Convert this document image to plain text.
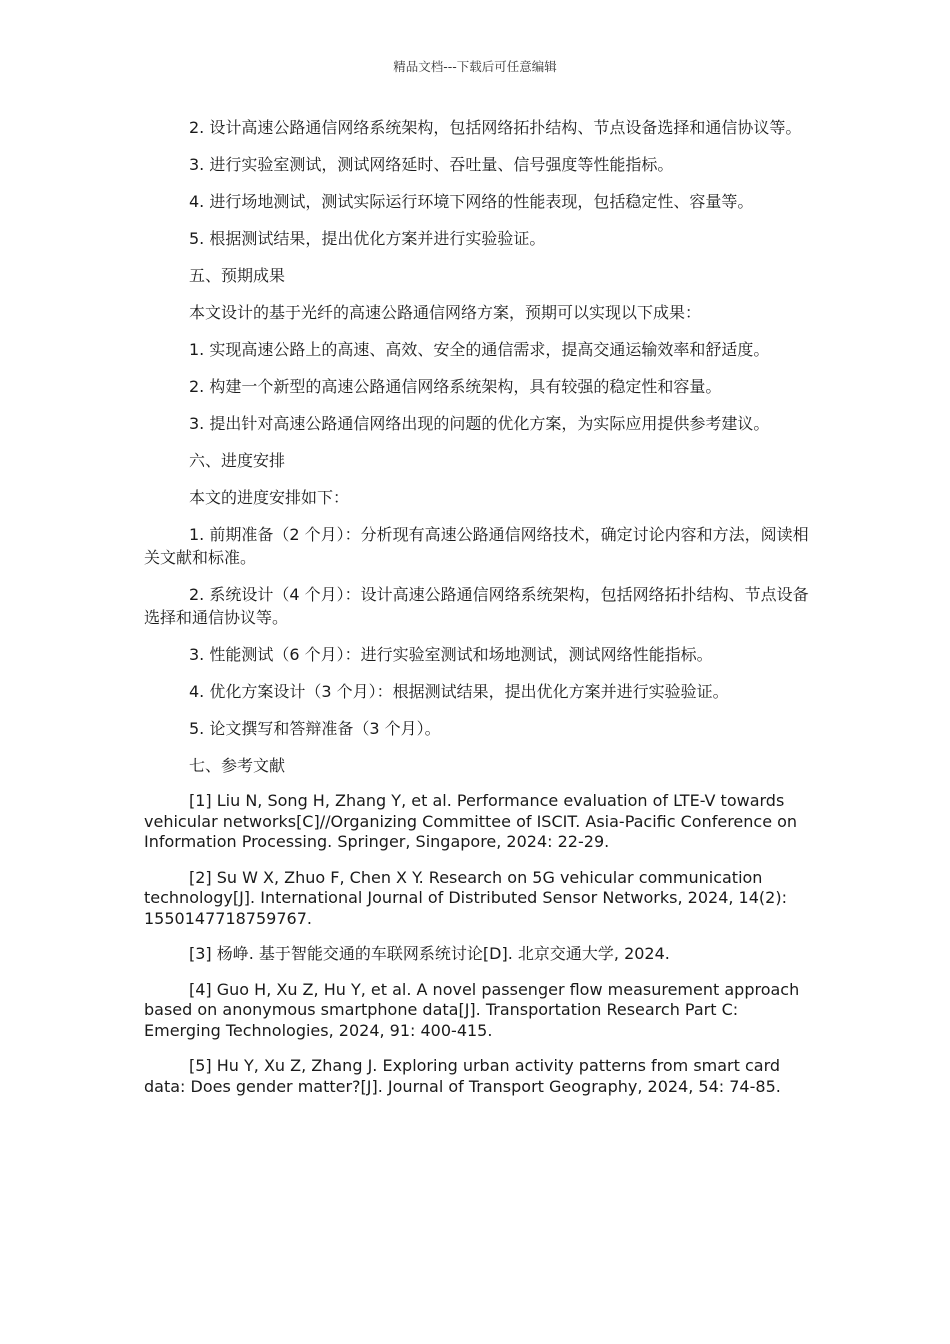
精品文档---下载后可任意编辑

2. 设计高速公路通信网络系统架构，包括网络拓扑结构、节点设备选择和通信协议等。

3. 进行实验室测试，测试网络延时、吞吐量、信号强度等性能指标。

4. 进行场地测试，测试实际运行环境下网络的性能表现，包括稳定性、容量等。

5. 根据测试结果，提出优化方案并进行实验验证。

五、预期成果

本文设计的基于光纤的高速公路通信网络方案，预期可以实现以下成果：

1. 实现高速公路上的高速、高效、安全的通信需求，提高交通运输效率和舒适度。

2. 构建一个新型的高速公路通信网络系统架构，具有较强的稳定性和容量。

3. 提出针对高速公路通信网络出现的问题的优化方案，为实际应用提供参考建议。

六、进度安排

本文的进度安排如下：

1. 前期准备（2 个月）：分析现有高速公路通信网络技术，确定讨论内容和方法，阅读相关文献和标准。

2. 系统设计（4 个月）：设计高速公路通信网络系统架构，包括网络拓扑结构、节点设备选择和通信协议等。

3. 性能测试（6 个月）：进行实验室测试和场地测试，测试网络性能指标。

4. 优化方案设计（3 个月）：根据测试结果，提出优化方案并进行实验验证。

5. 论文撰写和答辩准备（3 个月）。

七、参考文献

[1] Liu N, Song H, Zhang Y, et al. Performance evaluation of LTE-V towards vehicular networks[C]//Organizing Committee of ISCIT. Asia-Pacific Conference on Information Processing. Springer, Singapore, 2024: 22-29.

[2] Su W X, Zhuo F, Chen X Y. Research on 5G vehicular communication technology[J]. International Journal of Distributed Sensor Networks, 2024, 14(2): 1550147718759767.

[3] 杨峥. 基于智能交通的车联网系统讨论[D]. 北京交通大学, 2024.

[4] Guo H, Xu Z, Hu Y, et al. A novel passenger flow measurement approach based on anonymous smartphone data[J]. Transportation Research Part C: Emerging Technologies, 2024, 91: 400-415.

[5] Hu Y, Xu Z, Zhang J. Exploring urban activity patterns from smart card data: Does gender matter?[J]. Journal of Transport Geography, 2024, 54: 74-85.
